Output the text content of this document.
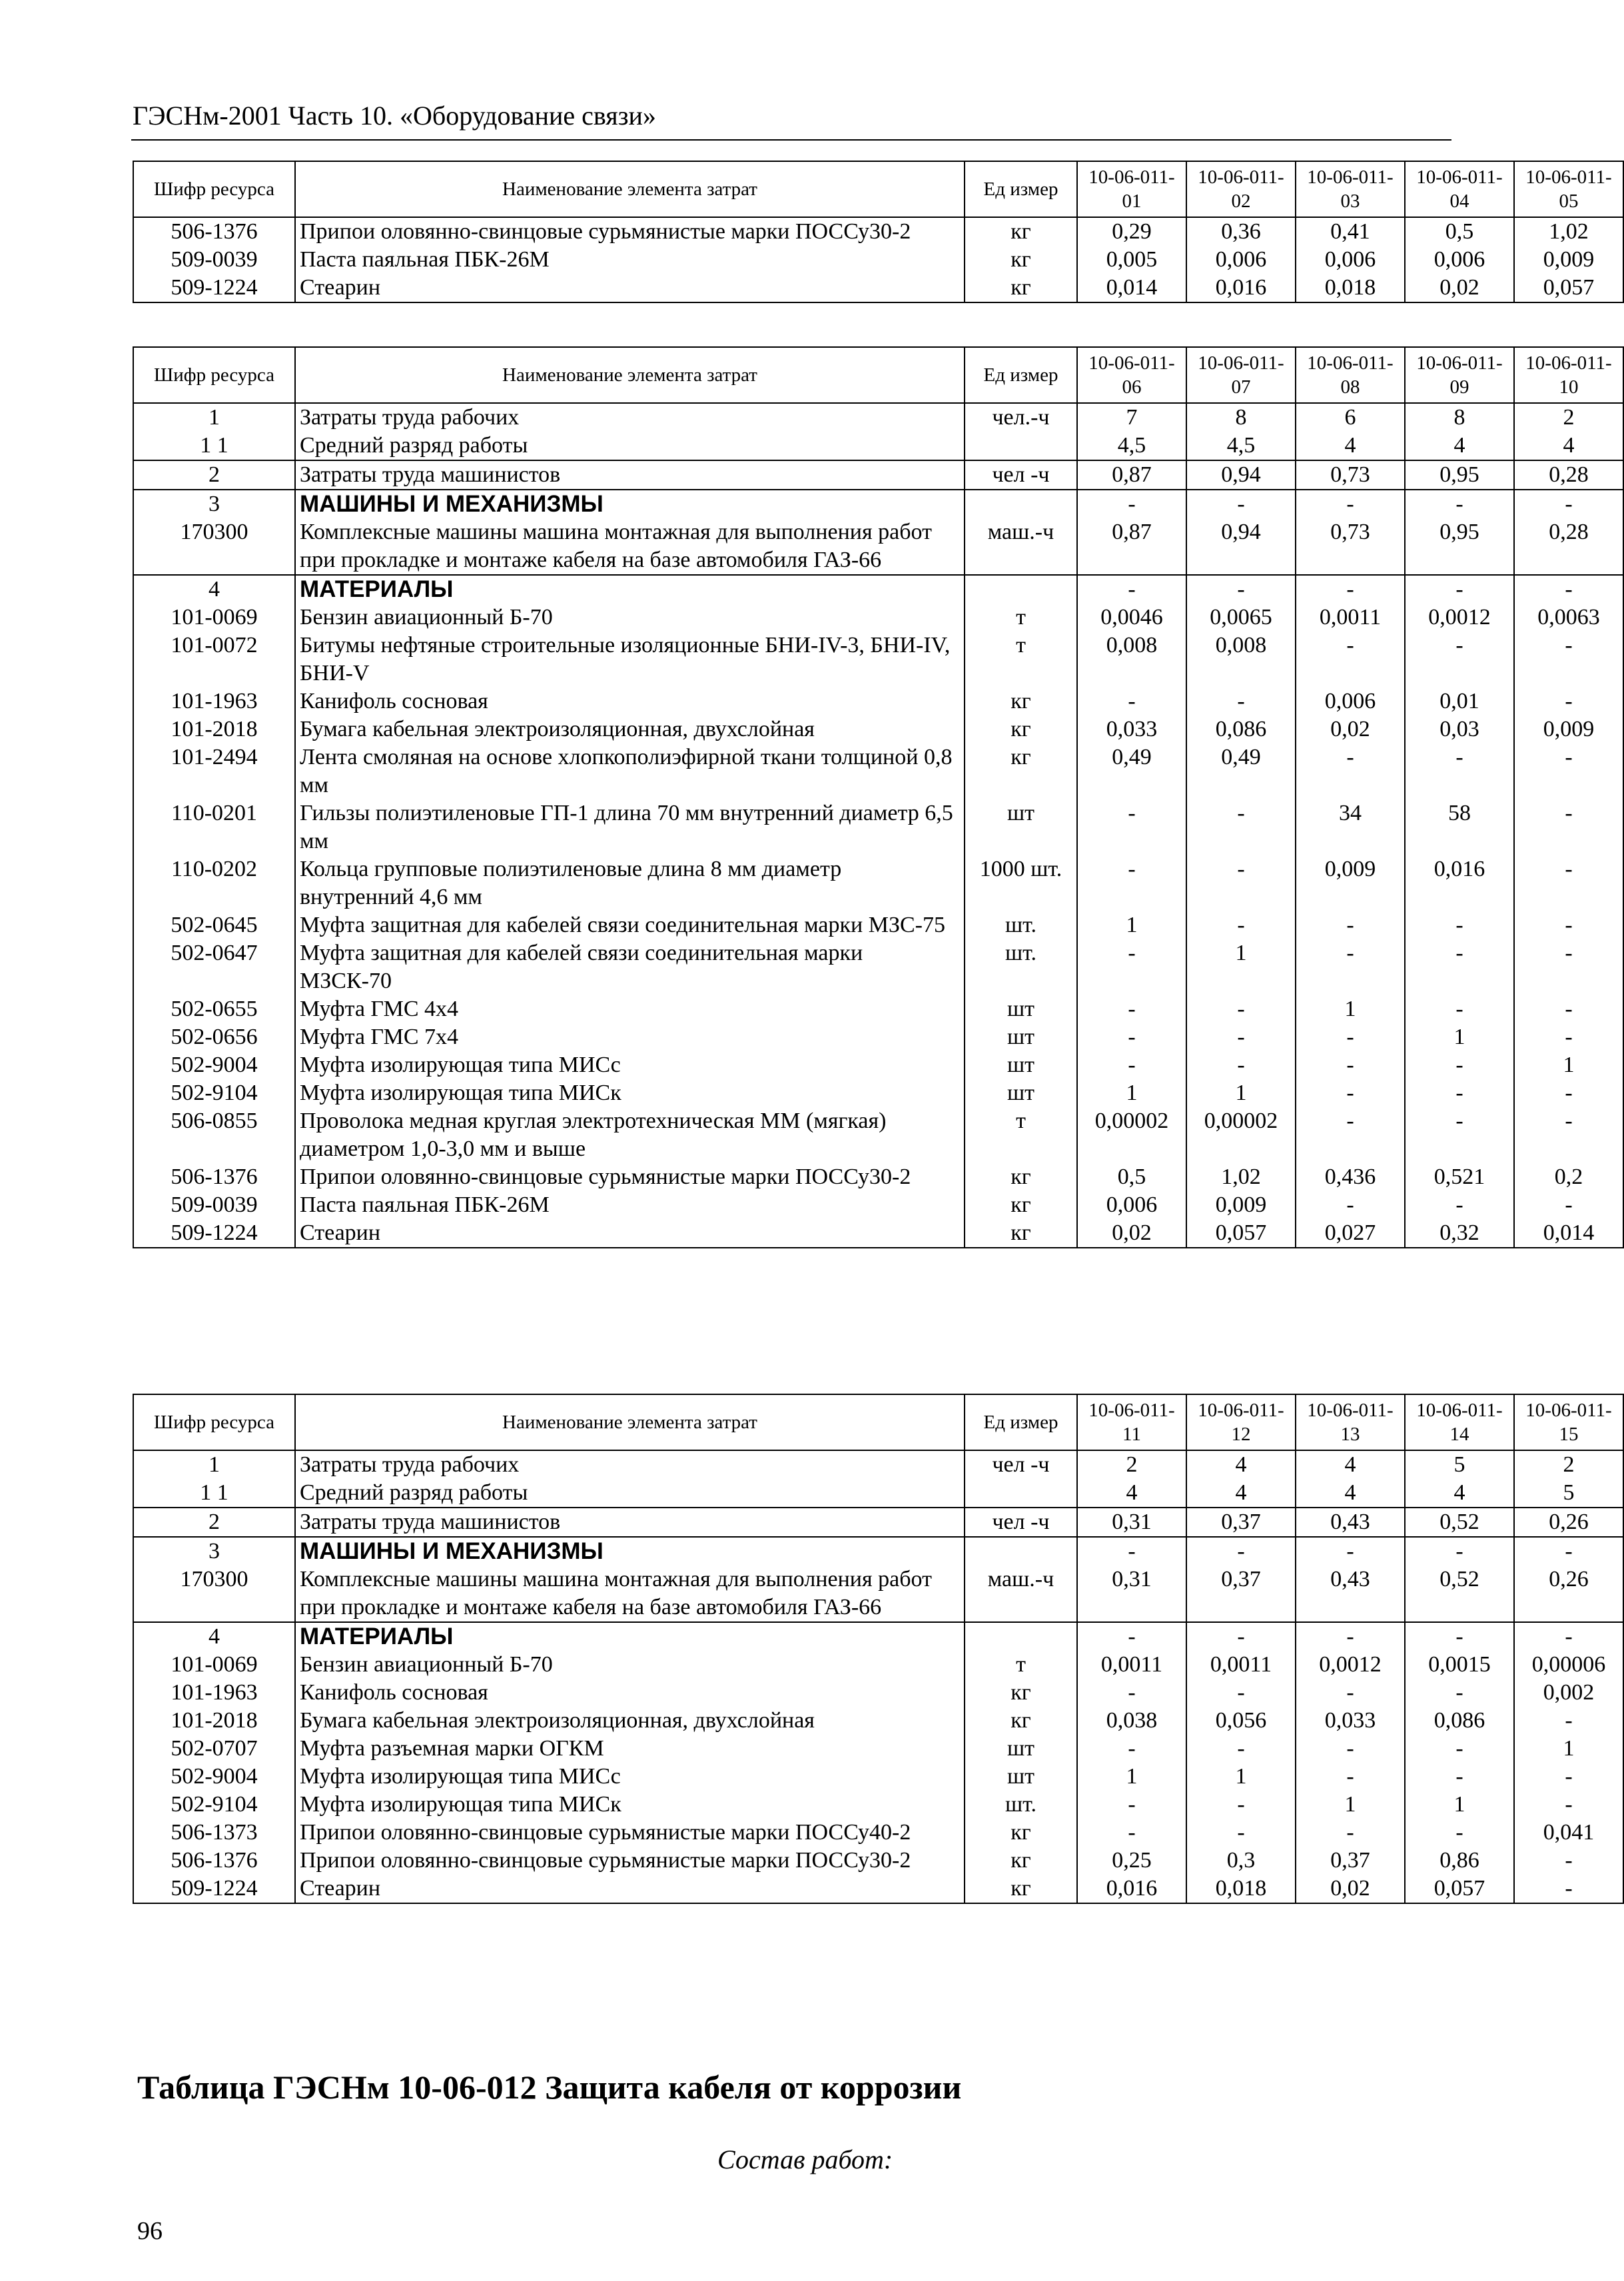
ГЭСНм-2001 Часть 10. «Оборудование связи»
Шифр ресурса	Наименование элемента затрат	Ед измер	10-06-011-01	10-06-011-02	10-06-011-03	10-06-011-04	10-06-011-05
506-1376	Припои оловянно-свинцовые сурьмянистые марки ПОССу30-2	кг	0,29	0,36	0,41	0,5	1,02
509-0039	Паста паяльная ПБК-26М	кг	0,005	0,006	0,006	0,006	0,009
509-1224	Стеарин	кг	0,014	0,016	0,018	0,02	0,057
Шифр ресурса	Наименование элемента затрат	Ед измер	10-06-011-06	10-06-011-07	10-06-011-08	10-06-011-09	10-06-011-10
1	Затраты труда рабочих	чел.-ч	7	8	6	8	2
1 1	Средний разряд работы		4,5	4,5	4	4	4
2	Затраты труда машинистов	чел -ч	0,87	0,94	0,73	0,95	0,28
3	МАШИНЫ И МЕХАНИЗМЫ		-	-	-	-	-
170300	Комплексные машины машина монтажная для выполнения работ при прокладке и монтаже кабеля на базе автомобиля ГАЗ-66	маш.-ч	0,87	0,94	0,73	0,95	0,28
4	МАТЕРИАЛЫ		-	-	-	-	-
101-0069	Бензин авиационный Б-70	т	0,0046	0,0065	0,0011	0,0012	0,0063
101-0072	Битумы нефтяные строительные изоляционные БНИ-IV-3, БНИ-IV, БНИ-V	т	0,008	0,008	-	-	-
101-1963	Канифоль сосновая	кг	-	-	0,006	0,01	-
101-2018	Бумага кабельная электроизоляционная, двухслойная	кг	0,033	0,086	0,02	0,03	0,009
101-2494	Лента смоляная на основе хлопкополиэфирной ткани толщиной 0,8 мм	кг	0,49	0,49	-	-	-
110-0201	Гильзы полиэтиленовые ГП-1 длина 70 мм внутренний диаметр 6,5 мм	шт	-	-	34	58	-
110-0202	Кольца групповые полиэтиленовые длина 8 мм диаметр внутренний 4,6 мм	1000 шт.	-	-	0,009	0,016	-
502-0645	Муфта защитная для кабелей связи соединительная марки МЗС-75	шт.	1	-	-	-	-
502-0647	Муфта защитная для кабелей связи соединительная марки МЗСК-70	шт.	-	1	-	-	-
502-0655	Муфта ГМС 4х4	шт	-	-	1	-	-
502-0656	Муфта ГМС 7х4	шт	-	-	-	1	-
502-9004	Муфта изолирующая типа МИСс	шт	-	-	-	-	1
502-9104	Муфта изолирующая типа МИСк	шт	1	1	-	-	-
506-0855	Проволока медная круглая электротехническая ММ (мягкая) диаметром 1,0-3,0 мм и выше	т	0,00002	0,00002	-	-	-
506-1376	Припои оловянно-свинцовые сурьмянистые марки ПОССу30-2	кг	0,5	1,02	0,436	0,521	0,2
509-0039	Паста паяльная ПБК-26М	кг	0,006	0,009	-	-	-
509-1224	Стеарин	кг	0,02	0,057	0,027	0,32	0,014
Шифр ресурса	Наименование элемента затрат	Ед измер	10-06-011-11	10-06-011-12	10-06-011-13	10-06-011-14	10-06-011-15
1	Затраты труда рабочих	чел -ч	2	4	4	5	2
1 1	Средний разряд работы		4	4	4	4	5
2	Затраты труда машинистов	чел -ч	0,31	0,37	0,43	0,52	0,26
3	МАШИНЫ И МЕХАНИЗМЫ		-	-	-	-	-
170300	Комплексные машины машина монтажная для выполнения работ при прокладке и монтаже кабеля на базе автомобиля ГАЗ-66	маш.-ч	0,31	0,37	0,43	0,52	0,26
4	МАТЕРИАЛЫ		-	-	-	-	-
101-0069	Бензин авиационный Б-70	т	0,0011	0,0011	0,0012	0,0015	0,00006
101-1963	Канифоль сосновая	кг	-	-	-	-	0,002
101-2018	Бумага кабельная электроизоляционная, двухслойная	кг	0,038	0,056	0,033	0,086	-
502-0707	Муфта разъемная марки ОГКМ	шт	-	-	-	-	1
502-9004	Муфта изолирующая типа МИСс	шт	1	1	-	-	-
502-9104	Муфта изолирующая типа МИСк	шт.	-	-	1	1	-
506-1373	Припои оловянно-свинцовые сурьмянистые марки ПОССу40-2	кг	-	-	-	-	0,041
506-1376	Припои оловянно-свинцовые сурьмянистые марки ПОССу30-2	кг	0,25	0,3	0,37	0,86	-
509-1224	Стеарин	кг	0,016	0,018	0,02	0,057	-
Таблица ГЭСНм 10-06-012 Защита кабеля от коррозии
Состав работ:
96
